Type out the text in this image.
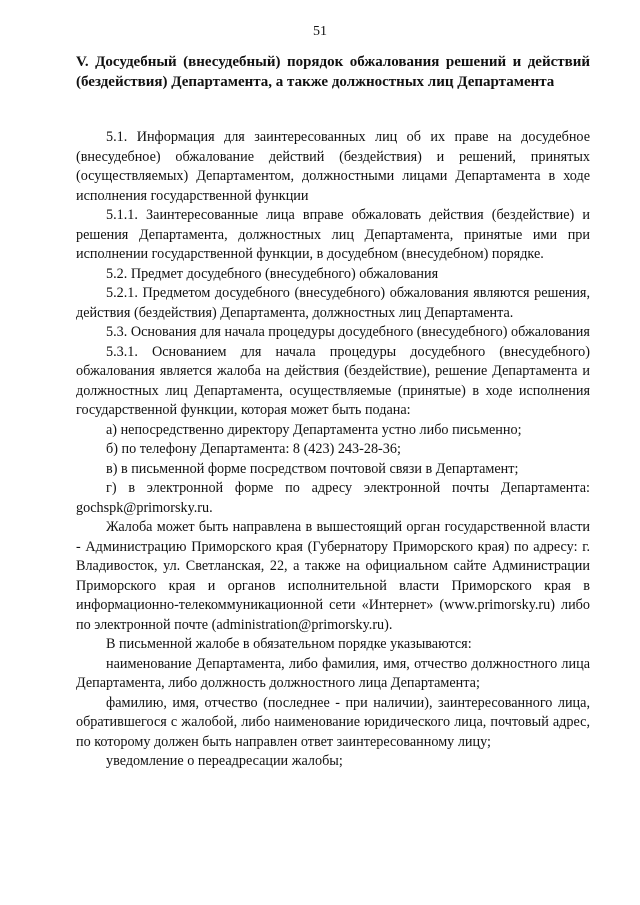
51
V. Досудебный (внесудебный) порядок обжалования решений и действий (бездействия) Департамента, а также должностных лиц Департамента

5.1. Информация для заинтересованных лиц об их праве на досудебное (внесудебное) обжалование действий (бездействия) и решений, принятых (осуществляемых) Департаментом, должностными лицами Департамента в ходе исполнения государственной функции

5.1.1. Заинтересованные лица вправе обжаловать действия (бездействие) и решения Департамента, должностных лиц Департамента, принятые ими при исполнении государственной функции, в досудебном (внесудебном) порядке.

5.2. Предмет досудебного (внесудебного) обжалования

5.2.1. Предметом досудебного (внесудебного) обжалования являются решения, действия (бездействия) Департамента, должностных лиц Департамента.

5.3. Основания для начала процедуры досудебного (внесудебного) обжалования

5.3.1. Основанием для начала процедуры досудебного (внесудебного) обжалования является жалоба на действия (бездействие), решение Департамента и должностных лиц Департамента, осуществляемые (принятые) в ходе исполнения государственной функции, которая может быть подана:

а) непосредственно директору Департамента устно либо письменно;

б) по телефону Департамента: 8 (423) 243-28-36;

в) в письменной форме посредством почтовой связи в Департамент;

г) в электронной форме по адресу электронной почты Департамента: gochspk@primorsky.ru.

Жалоба может быть направлена в вышестоящий орган государственной власти - Администрацию Приморского края (Губернатору Приморского края) по адресу: г. Владивосток, ул. Светланская, 22, а также на официальном сайте Администрации Приморского края и органов исполнительной власти Приморского края в информационно-телекоммуникационной сети «Интернет» (www.primorsky.ru) либо по электронной почте (administration@primorsky.ru).

В письменной жалобе в обязательном порядке указываются:

наименование Департамента, либо фамилия, имя, отчество должностного лица Департамента, либо должность должностного лица Департамента;

фамилию, имя, отчество (последнее - при наличии), заинтересованного лица, обратившегося с жалобой, либо наименование юридического лица, почтовый адрес, по которому должен быть направлен ответ заинтересованному лицу;

уведомление о переадресации жалобы;
